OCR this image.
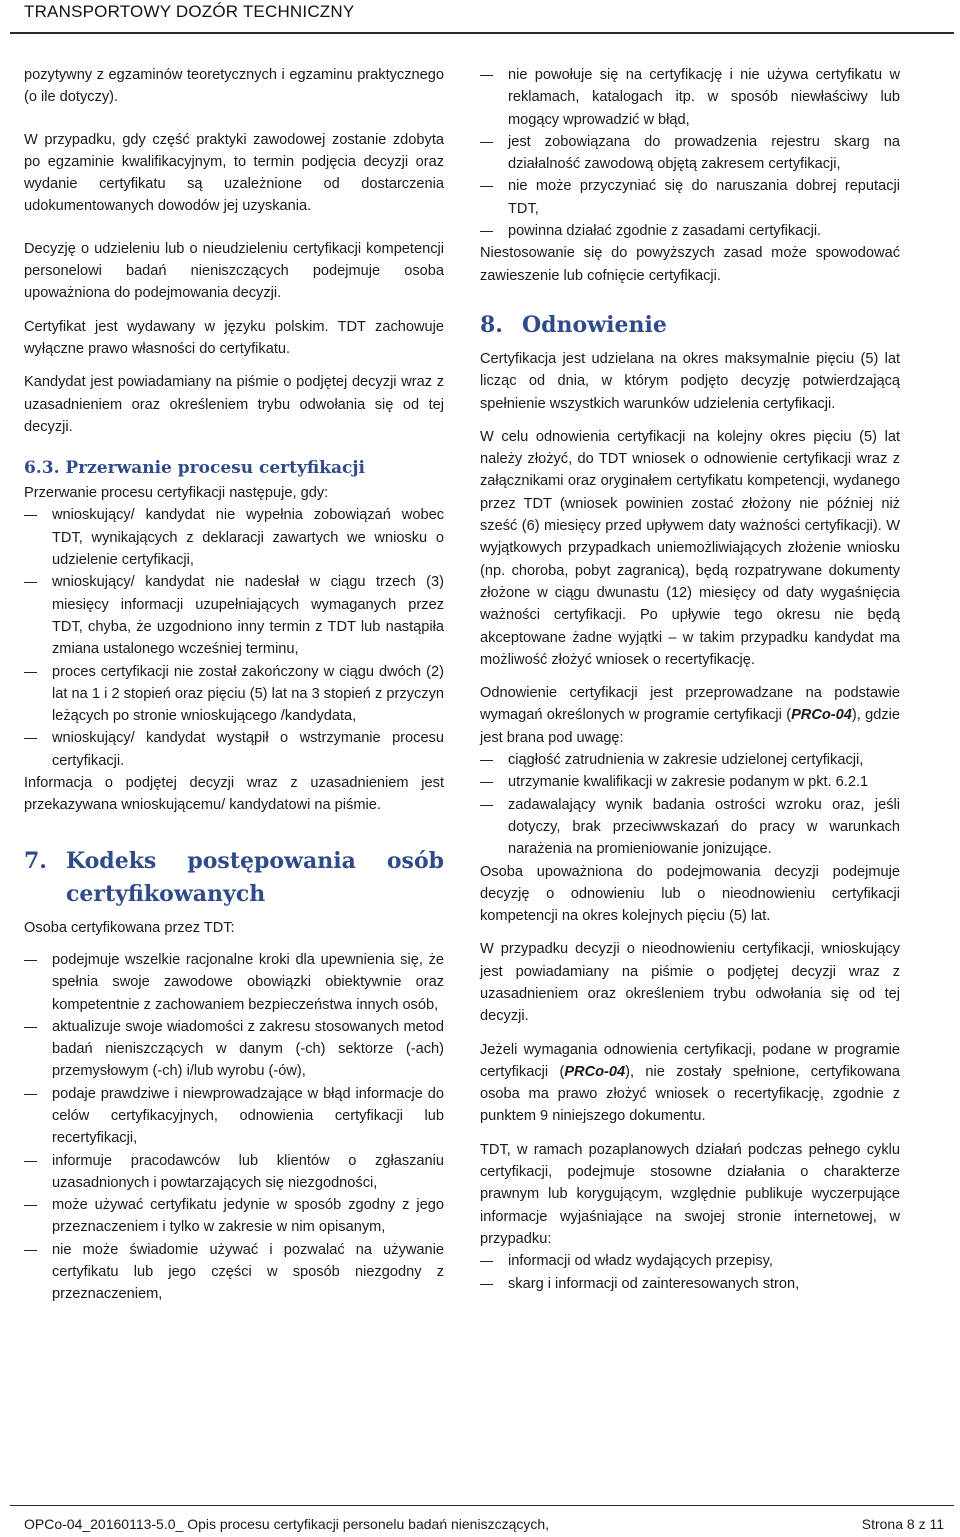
TRANSPORTOWY DOZÓR TECHNICZNY

pozytywny z egzaminów teoretycznych i egzaminu praktycznego (o ile dotyczy).

W przypadku, gdy część praktyki zawodowej zostanie zdobyta po egzaminie kwalifikacyjnym, to termin podjęcia decyzji oraz wydanie certyfikatu są uzależnione od dostarczenia udokumentowanych dowodów jej uzyskania.

Decyzję o udzieleniu lub o nieudzieleniu certyfikacji kompetencji personelowi badań nieniszczących podejmuje osoba upoważniona do podejmowania decyzji.

Certyfikat jest wydawany w języku polskim. TDT zachowuje wyłączne prawo własności do certyfikatu.

Kandydat jest powiadamiany na piśmie o podjętej decyzji wraz z uzasadnieniem oraz określeniem trybu odwołania się od tej decyzji.

6.3. Przerwanie procesu certyfikacji

Przerwanie procesu certyfikacji następuje, gdy:

wnioskujący/ kandydat nie wypełnia zobowiązań wobec TDT, wynikających z deklaracji zawartych we wniosku o udzielenie certyfikacji,
wnioskujący/ kandydat nie nadesłał w ciągu trzech (3) miesięcy informacji uzupełniających wymaganych przez TDT, chyba, że uzgodniono inny termin z TDT lub nastąpiła zmiana ustalonego wcześniej terminu,
proces certyfikacji nie został zakończony w ciągu dwóch (2) lat na 1 i 2 stopień oraz pięciu (5) lat na 3 stopień z przyczyn leżących po stronie wnioskującego /kandydata,
wnioskujący/ kandydat wystąpił o wstrzymanie procesu certyfikacji.

Informacja o podjętej decyzji wraz z uzasadnieniem jest przekazywana wnioskującemu/ kandydatowi na piśmie.

7. Kodeks postępowania osób certyfikowanych

Osoba certyfikowana przez TDT:

podejmuje wszelkie racjonalne kroki dla upewnienia się, że spełnia swoje zawodowe obowiązki obiektywnie oraz kompetentnie z zachowaniem bezpieczeństwa innych osób,
aktualizuje swoje wiadomości z zakresu stosowanych metod badań nieniszczących w danym (-ch) sektorze (-ach) przemysłowym (-ch) i/lub wyrobu (-ów),
podaje prawdziwe i niewprowadzające w błąd informacje do celów certyfikacyjnych, odnowienia certyfikacji lub recertyfikacji,
informuje pracodawców lub klientów o zgłaszaniu uzasadnionych i powtarzających się niezgodności,
może używać certyfikatu jedynie w sposób zgodny z jego przeznaczeniem i tylko w zakresie w nim opisanym,
nie może świadomie używać i pozwalać na używanie certyfikatu lub jego części w sposób niezgodny z przeznaczeniem,
nie powołuje się na certyfikację i nie używa certyfikatu w reklamach, katalogach itp. w sposób niewłaściwy lub mogący wprowadzić w błąd,
jest zobowiązana do prowadzenia rejestru skarg na działalność zawodową objętą zakresem certyfikacji,
nie może przyczyniać się do naruszania dobrej reputacji TDT,
powinna działać zgodnie z zasadami certyfikacji.

Niestosowanie się do powyższych zasad może spowodować zawieszenie lub cofnięcie certyfikacji.

8. Odnowienie

Certyfikacja jest udzielana na okres maksymalnie pięciu (5) lat licząc od dnia, w którym podjęto decyzję potwierdzającą spełnienie wszystkich warunków udzielenia certyfikacji.

W celu odnowienia certyfikacji na kolejny okres pięciu (5) lat należy złożyć, do TDT wniosek o odnowienie certyfikacji wraz z załącznikami oraz oryginałem certyfikatu kompetencji, wydanego przez TDT (wniosek powinien zostać złożony nie później niż sześć (6) miesięcy przed upływem daty ważności certyfikacji). W wyjątkowych przypadkach uniemożliwiających złożenie wniosku (np. choroba, pobyt zagranicą), będą rozpatrywane dokumenty złożone w ciągu dwunastu (12) miesięcy od daty wygaśnięcia ważności certyfikacji. Po upływie tego okresu nie będą akceptowane żadne wyjątki – w takim przypadku kandydat ma możliwość złożyć wniosek o recertyfikację.

Odnowienie certyfikacji jest przeprowadzane na podstawie wymagań określonych w programie certyfikacji (PRCo-04), gdzie jest brana pod uwagę:

ciągłość zatrudnienia w zakresie udzielonej certyfikacji,
utrzymanie kwalifikacji w zakresie podanym w pkt. 6.2.1
zadawalający wynik badania ostrości wzroku oraz, jeśli dotyczy, brak przeciwwskazań do pracy w warunkach narażenia na promieniowanie jonizujące.

Osoba upoważniona do podejmowania decyzji podejmuje decyzję o odnowieniu lub o nieodnowieniu certyfikacji kompetencji na okres kolejnych pięciu (5) lat.

W przypadku decyzji o nieodnowieniu certyfikacji, wnioskujący jest powiadamiany na piśmie o podjętej decyzji wraz z uzasadnieniem oraz określeniem trybu odwołania się od tej decyzji.

Jeżeli wymagania odnowienia certyfikacji, podane w programie certyfikacji (PRCo-04), nie zostały spełnione, certyfikowana osoba ma prawo złożyć wniosek o recertyfikację, zgodnie z punktem 9 niniejszego dokumentu.

TDT, w ramach pozaplanowych działań podczas pełnego cyklu certyfikacji, podejmuje stosowne działania o charakterze prawnym lub korygującym, względnie publikuje wyczerpujące informacje wyjaśniające na swojej stronie internetowej, w przypadku:

informacji od władz wydających przepisy,
skarg i informacji od zainteresowanych stron,
OPCo-04_20160113-5.0_ Opis procesu certyfikacji personelu badań nieniszczących,	Strona 8 z 11
